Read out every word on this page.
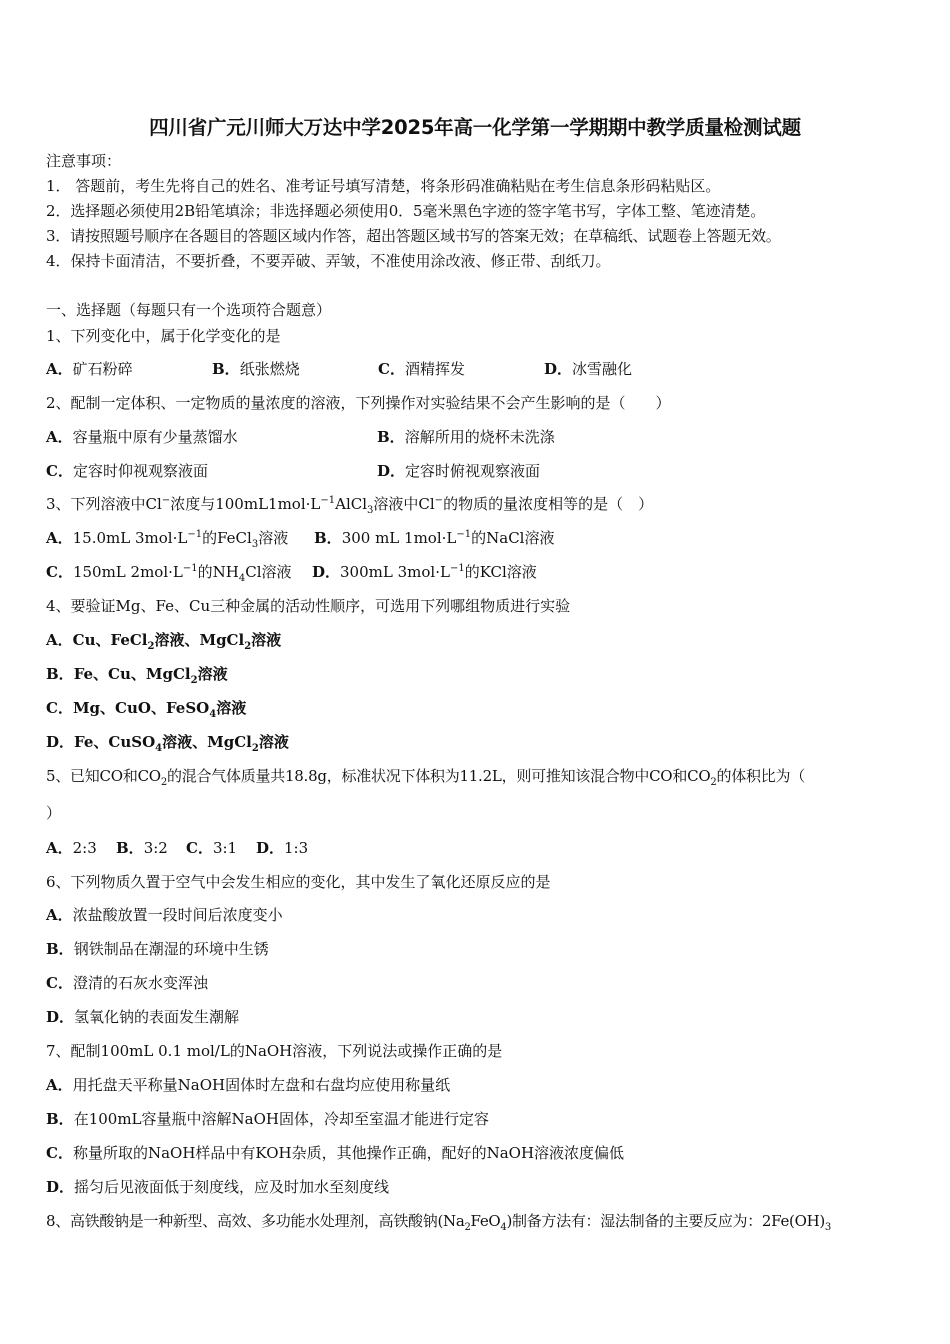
四川省广元川师大万达中学2025年高一化学第一学期期中教学质量检测试题
注意事项：
1． 答题前，考生先将自己的姓名、准考证号填写清楚，将条形码准确粘贴在考生信息条形码粘贴区。
2．选择题必须使用2B铅笔填涂；非选择题必须使用0．5毫米黑色字迹的签字笔书写，字体工整、笔迹清楚。
3．请按照题号顺序在各题目的答题区域内作答，超出答题区域书写的答案无效；在草稿纸、试题卷上答题无效。
4．保持卡面清洁，不要折叠，不要弄破、弄皱，不准使用涂改液、修正带、刮纸刀。
一、选择题（每题只有一个选项符合题意）
1、下列变化中，属于化学变化的是
A．矿石粉碎	B．纸张燃烧	C．酒精挥发	D．冰雪融化
2、配制一定体积、一定物质的量浓度的溶液，下列操作对实验结果不会产生影响的是（　　）
A．容量瓶中原有少量蒸馏水	B．溶解所用的烧杯未洗涤
C．定容时仰视观察液面	D．定容时俯视观察液面
3、下列溶液中Cl−浓度与$100mL1mol\cdot L^{-1}AlCl_3$溶液中Cl−的物质的量浓度相等的是（　）
A．15.0mL $3mol\cdot L^{-1}$的FeCl$_3$溶液 B．300 mL $1mol\cdot L^{-1}$的NaCl溶液
C．150mL $2mol\cdot L^{-1}$的$NH_4Cl$溶液 D．300mL $3mol\cdot L^{-1}$的KCl溶液
4、要验证Mg、Fe、Cu三种金属的活动性顺序，可选用下列哪组物质进行实验
A．Cu、FeCl$_2$溶液、MgCl$_2$溶液
B．Fe、Cu、MgCl$_2$溶液
C．Mg、CuO、FeSO$_4$溶液
D．Fe、CuSO$_4$溶液、MgCl$_2$溶液
5、已知CO和$CO_2$的混合气体质量共18.8g，标准状况下体积为11.2L，则可推知该混合物中CO和$CO_2$的体积比为（
）
A．2:3 B．3:2 C．3:1 D．1:3
6、下列物质久置于空气中会发生相应的变化，其中发生了氧化还原反应的是
A．浓盐酸放置一段时间后浓度变小
B．钢铁制品在潮湿的环境中生锈
C．澄清的石灰水变浑浊
D．氢氧化钠的表面发生潮解
7、配制100mL 0.1 mol/L的NaOH溶液，下列说法或操作正确的是
A．用托盘天平称量NaOH固体时左盘和右盘均应使用称量纸
B．在100mL容量瓶中溶解NaOH固体，冷却至室温才能进行定容
C．称量所取的NaOH样品中有KOH杂质，其他操作正确，配好的NaOH溶液浓度偏低
D．摇匀后见液面低于刻度线，应及时加水至刻度线
8、高铁酸钠是一种新型、高效、多功能水处理剂，高铁酸钠$(Na_2FeO_4)$制备方法有：湿法制备的主要反应为：$2Fe(OH)_3$
